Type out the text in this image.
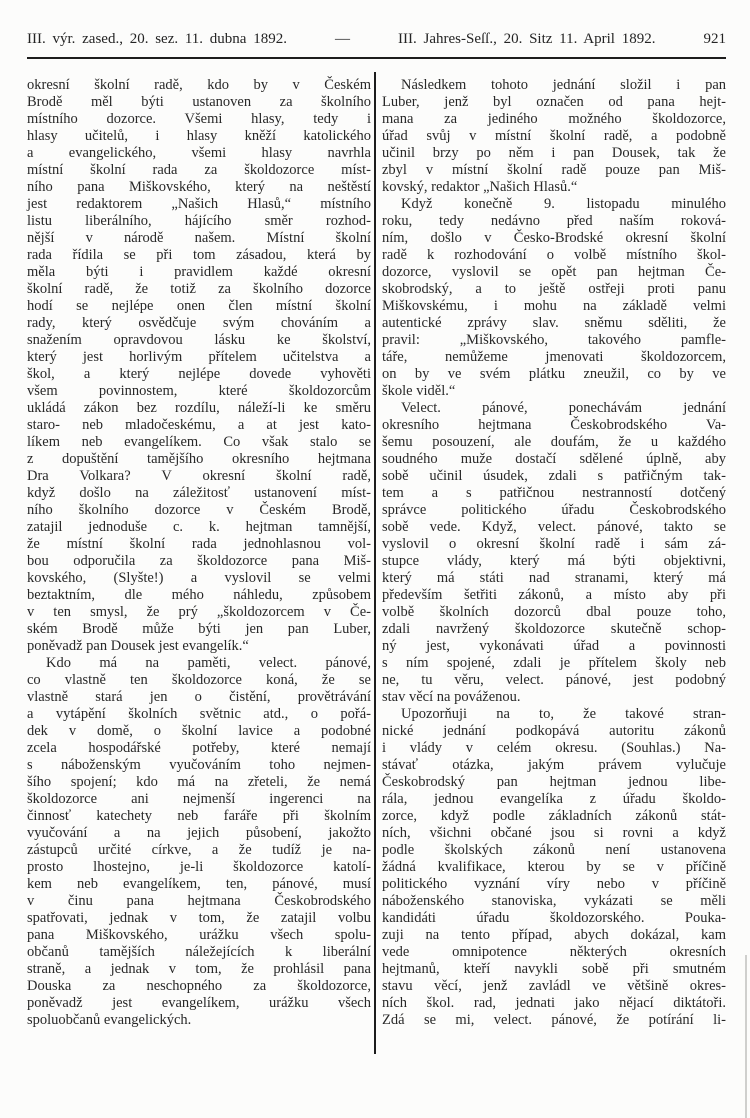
III. výr. zased., 20. sez. 11. dubna 1892.	—	III. Jahres-Seſſ., 20. Sitz 11. April 1892.	921
okresní školní radě, kdo by v Českém
Brodě měl býti ustanoven za školního
místního dozorce. Všemi hlasy, tedy i
hlasy učitelů, i hlasy kněží katolického
a evangelického, všemi hlasy navrhla
místní školní rada za školdozorce míst-
ního pana Miškovského, který na neštěstí
jest redaktorem „Našich Hlasů,“ místního
listu liberálního, hájícího směr rozhod-
nější v národě našem. Místní školní
rada řídila se při tom zásadou, která by
měla býti i pravidlem každé okresní
školní radě, že totiž za školního dozorce
hodí se nejlépe onen člen místní školní
rady, který osvědčuje svým chováním a
snažením opravdovou lásku ke školství,
který jest horlivým přítelem učitelstva a
škol, a který nejlépe dovede vyhověti
všem povinnostem, které školdozorcům
ukládá zákon bez rozdílu, náleží-li ke směru
staro- neb mladočeskému, a at jest kato-
líkem neb evangelíkem. Co však stalo se
z dopuštění tamějšího okresního hejtmana
Dra Volkara? V okresní školní radě,
když došlo na záležitosť ustanovení míst-
ního školního dozorce v Českém Brodě,
zatajil jednoduše c. k. hejtman tamnější,
že místní školní rada jednohlasnou vol-
bou odporučila za školdozorce pana Miš-
kovského, (Slyšte!) a vyslovil se velmi
beztaktním, dle mého náhledu, způsobem
v ten smysl, že prý „školdozorcem v Če-
ském Brodě může býti jen pan Luber,
poněvadž pan Dousek jest evangelík.“
Kdo má na paměti, velect. pánové,
co vlastně ten školdozorce koná, že se
vlastně stará jen o čistění, provětrávání
a vytápění školních světnic atd., o pořá-
dek v domě, o školní lavice a podobné
zcela hospodářské potřeby, které nemají
s náboženským vyučováním toho nejmen-
šího spojení; kdo má na zřeteli, že nemá
školdozorce ani nejmenší ingerenci na
činnosť katechety neb faráře při školním
vyučování a na jejich působení, jakožto
zástupců určité církve, a že tudíž je na-
prosto lhostejno, je-li školdozorce katolí-
kem neb evangelíkem, ten, pánové, musí
v činu pana hejtmana Českobrodského
spatřovati, jednak v tom, že zatajil volbu
pana Miškovského, urážku všech spolu-
občanů tamějších náležejících k liberální
straně, a jednak v tom, že prohlásil pana
Douska za neschopného za školdozorce,
poněvadž jest evangelíkem, urážku všech
spoluobčanů evangelických.
Následkem tohoto jednání složil i pan
Luber, jenž byl označen od pana hejt-
mana za jediného možného školdozorce,
úřad svůj v místní školní radě, a podobně
učinil brzy po něm i pan Dousek, tak že
zbyl v místní školní radě pouze pan Miš-
kovský, redaktor „Našich Hlasů.“
Když konečně 9. listopadu minulého
roku, tedy nedávno před naším roková-
ním, došlo v Česko-Brodské okresní školní
radě k rozhodování o volbě místního škol-
dozorce, vyslovil se opět pan hejtman Če-
skobrodský, a to ještě ostřeji proti panu
Miškovskému, i mohu na základě velmi
autentické zprávy slav. sněmu sděliti, že
pravil: „Miškovského, takového pamfle-
táře, nemůžeme jmenovati školdozorcem,
on by ve svém plátku zneužil, co by ve
škole viděl.“
Velect. pánové, ponechávám jednání
okresního hejtmana Českobrodského Va-
šemu posouzení, ale doufám, že u každého
soudného muže dostačí sdělené úplně, aby
sobě učinil úsudek, zdali s patřičným tak-
tem a s patřičnou nestranností dotčený
správce politického úřadu Českobrodského
sobě vede. Když, velect. pánové, takto se
vyslovil o okresní školní radě i sám zá-
stupce vlády, který má býti objektivni,
který má státi nad stranami, který má
především šetřiti zákonů, a místo aby při
volbě školních dozorců dbal pouze toho,
zdali navržený školdozorce skutečně schop-
ný jest, vykonávati úřad a povinnosti
s ním spojené, zdali je přítelem školy neb
ne, tu věru, velect. pánové, jest podobný
stav věcí na pováženou.
Upozorňuji na to, že takové stran-
nické jednání podkopává autoritu zákonů
i vlády v celém okresu. (Souhlas.) Na-
stávať otázka, jakým právem vylučuje
Českobrodský pan hejtman jednou libe-
rála, jednou evangelíka z úřadu školdo-
zorce, když podle základních zákonů stát-
ních, všichni občané jsou si rovni a když
podle školských zákonů není ustanovena
žádná kvalifikace, kterou by se v příčině
politického vyznání víry nebo v příčině
náboženského stanoviska, vykázati se měli
kandidáti úřadu školdozorského. Pouka-
zuji na tento případ, abych dokázal, kam
vede omnipotence některých okresních
hejtmanů, kteří navykli sobě při smutném
stavu věcí, jenž zavládl ve většině okres-
ních škol. rad, jednati jako nějací diktátoři.
Zdá se mi, velect. pánové, že potírání li-
